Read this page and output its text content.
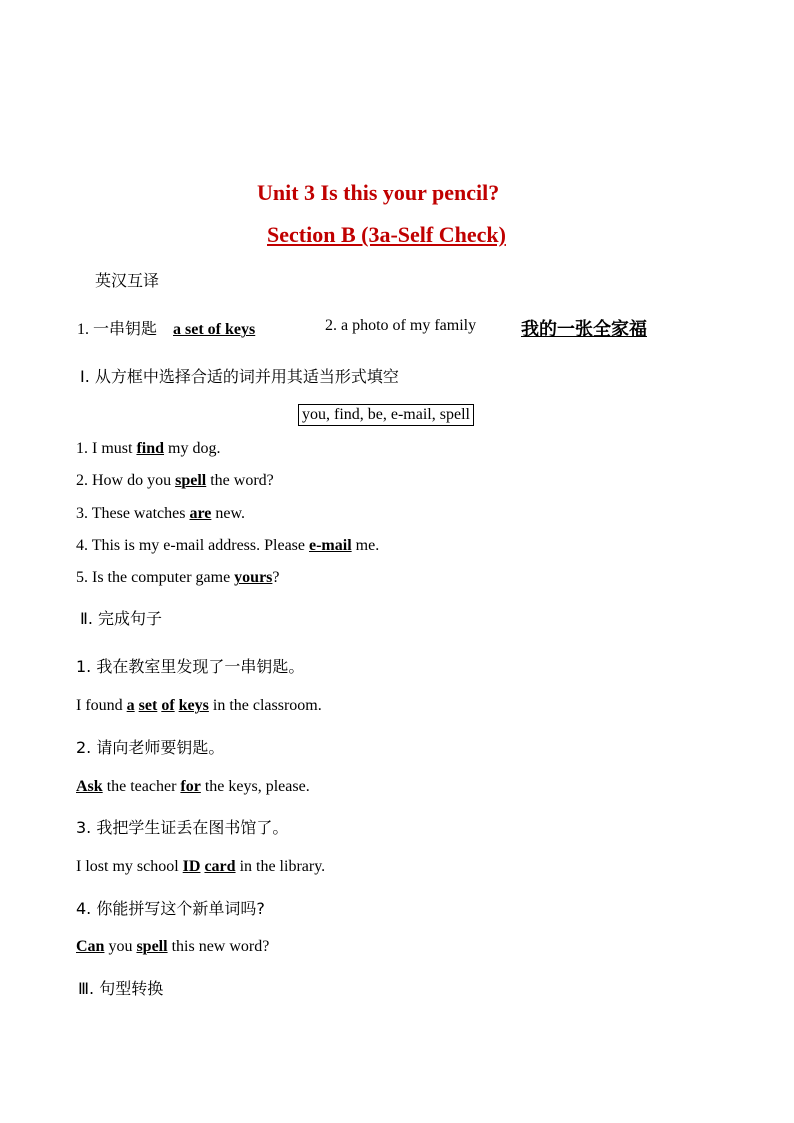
Unit 3 Is this your pencil?
Section B (3a-Self Check)
英汉互译
1. 一串钥匙 a set of keys	2. a photo of my family 我的一张全家福
Ⅰ. 从方框中选择合适的词并用其适当形式填空
you, find, be, e-mail, spell
1. I must find my dog.
2. How do you spell the word?
3. These watches are new.
4. This is my e-mail address. Please e-mail me.
5. Is the computer game yours?
Ⅱ. 完成句子
1. 我在教室里发现了一串钥匙。
I found a set of keys in the classroom.
2. 请向老师要钥匙。
Ask the teacher for the keys, please.
3. 我把学生证丢在图书馆了。
I lost my school ID card in the library.
4. 你能拼写这个新单词吗?
Can you spell this new word?
Ⅲ. 句型转换
